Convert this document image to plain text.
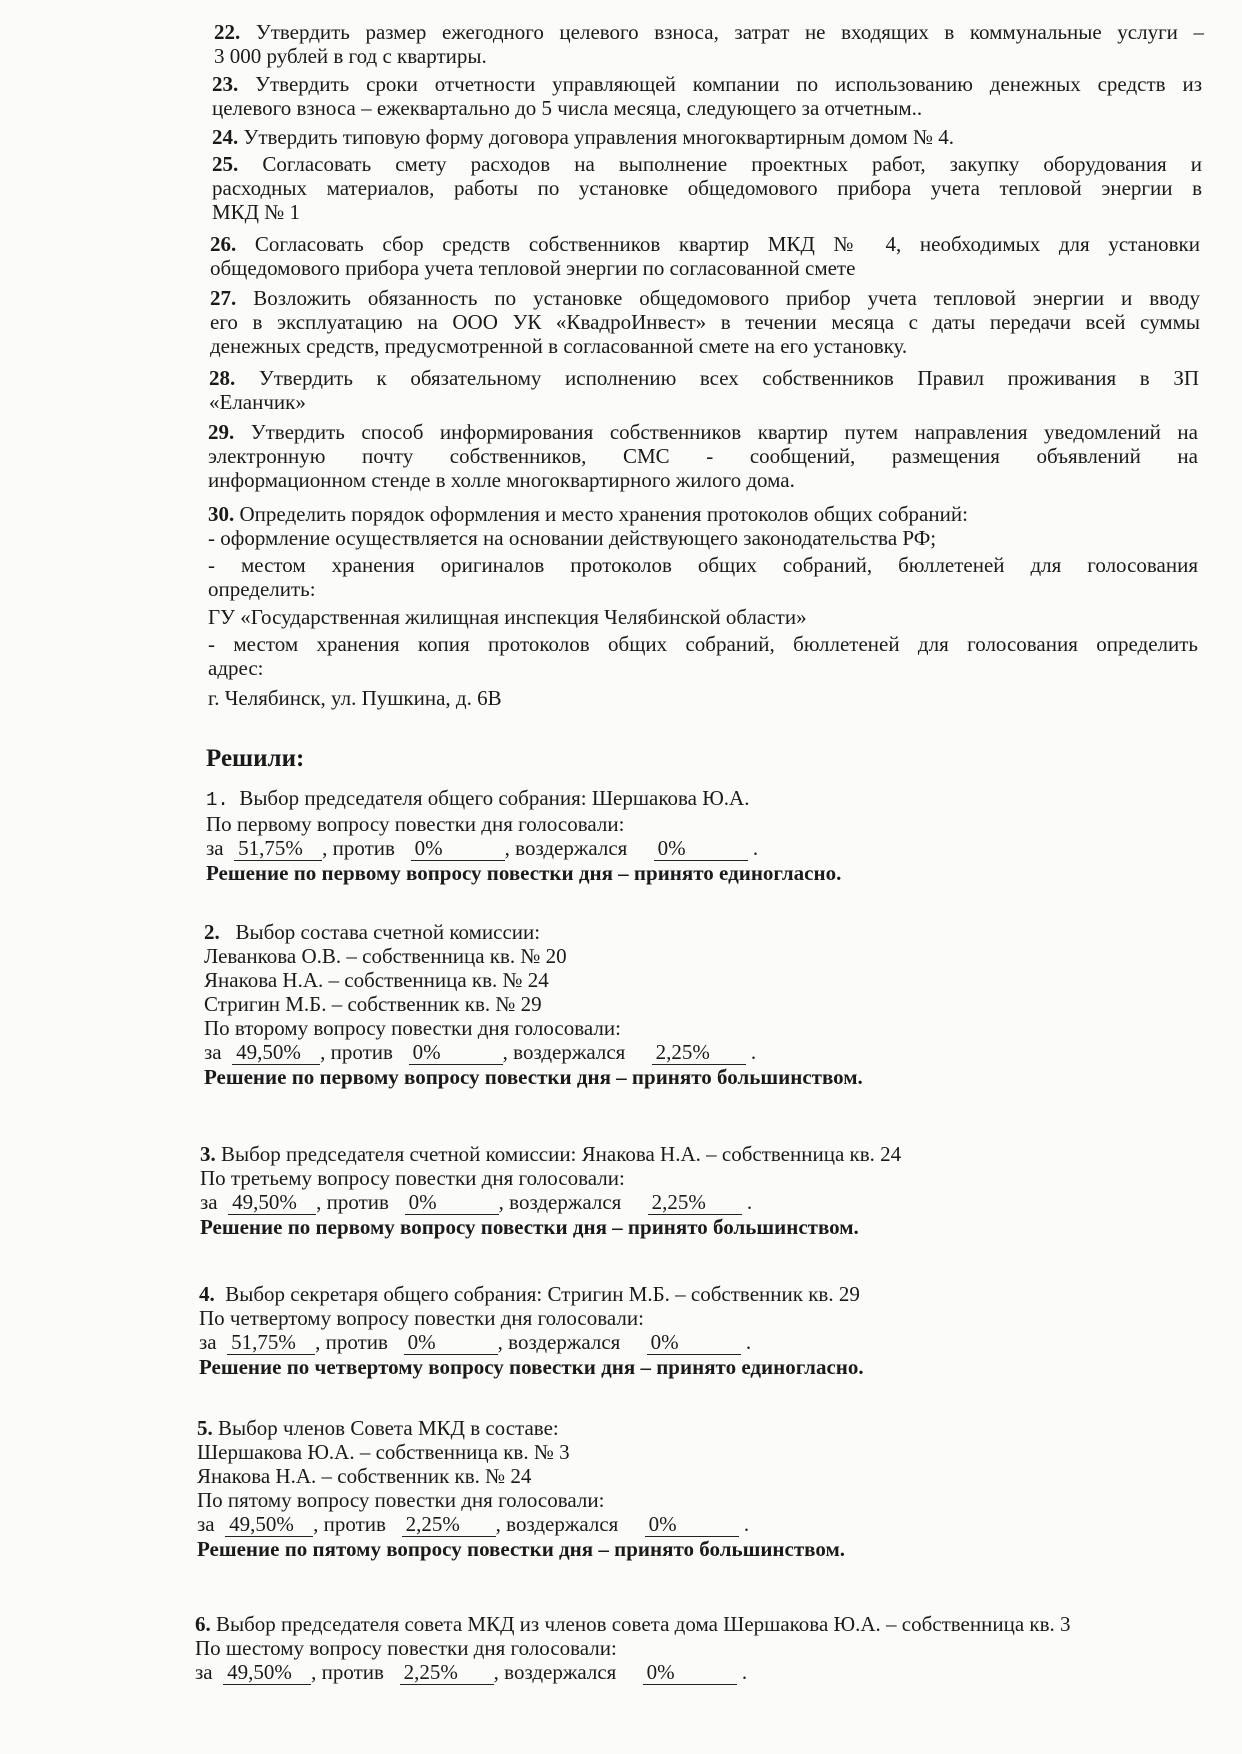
22. Утвердить размер ежегодного целевого взноса, затрат не входящих в коммунальные услуги –
3 000 рублей в год с квартиры.
23. Утвердить сроки отчетности управляющей компании по использованию денежных средств из
целевого взноса – ежеквартально до 5 числа месяца, следующего за отчетным..
24. Утвердить типовую форму договора управления многоквартирным домом № 4.
25. Согласовать смету расходов на выполнение проектных работ, закупку оборудования и
расходных материалов, работы по установке общедомового прибора учета тепловой энергии в
МКД № 1
26. Согласовать сбор средств собственников квартир МКД № 4, необходимых для установки
общедомового прибора учета тепловой энергии по согласованной смете
27. Возложить обязанность по установке общедомового прибор учета тепловой энергии и вводу
его в эксплуатацию на ООО УК «КвадроИнвест» в течении месяца с даты передачи всей суммы
денежных средств, предусмотренной в согласованной смете на его установку.
28. Утвердить к обязательному исполнению всех собственников Правил проживания в ЗП
«Еланчик»
29. Утвердить способ информирования собственников квартир путем направления уведомлений на
электронную почту собственников, СМС - сообщений, размещения объявлений на
информационном стенде в холле многоквартирного жилого дома.
30. Определить порядок оформления и место хранения протоколов общих собраний:
- оформление осуществляется на основании действующего законодательства РФ;
- местом хранения оригиналов протоколов общих собраний, бюллетеней для голосования
определить:
ГУ «Государственная жилищная инспекция Челябинской области»
- местом хранения копия протоколов общих собраний, бюллетеней для голосования определить
адрес:
г. Челябинск, ул. Пушкина, д. 6В
Решили:
1. Выбор председателя общего собрания: Шершакова Ю.А.
По первому вопросу повестки дня голосовали:
за 51,75% , против 0%	, воздержался 0%	.
Решение по первому вопросу повестки дня – принято единогласно.
2. Выбор состава счетной комиссии:
Леванкова О.В. – собственница кв. № 20
Янакова Н.А. – собственница кв. № 24
Стригин М.Б. – собственник кв. № 29
По второму вопросу повестки дня голосовали:
за 49,50% , против 0%	, воздержался 2,25% .
Решение по первому вопросу повестки дня – принято большинством.
3. Выбор председателя счетной комиссии: Янакова Н.А. – собственница кв. 24
По третьему вопросу повестки дня голосовали:
за 49,50% , против 0%	, воздержался 2,25% .
Решение по первому вопросу повестки дня – принято большинством.
4. Выбор секретаря общего собрания: Стригин М.Б. – собственник кв. 29
По четвертому вопросу повестки дня голосовали:
за 51,75% , против 0%	, воздержался 0%	.
Решение по четвертому вопросу повестки дня – принято единогласно.
5. Выбор членов Совета МКД в составе:
Шершакова Ю.А. – собственница кв. № 3
Янакова Н.А. – собственник кв. № 24
По пятому вопросу повестки дня голосовали:
за 49,50% , против 2,25% , воздержался 0%	.
Решение по пятому вопросу повестки дня – принято большинством.
6. Выбор председателя совета МКД из членов совета дома Шершакова Ю.А. – собственница кв. 3
По шестому вопросу повестки дня голосовали:
за 49,50% , против 2,25% , воздержался 0%	.
